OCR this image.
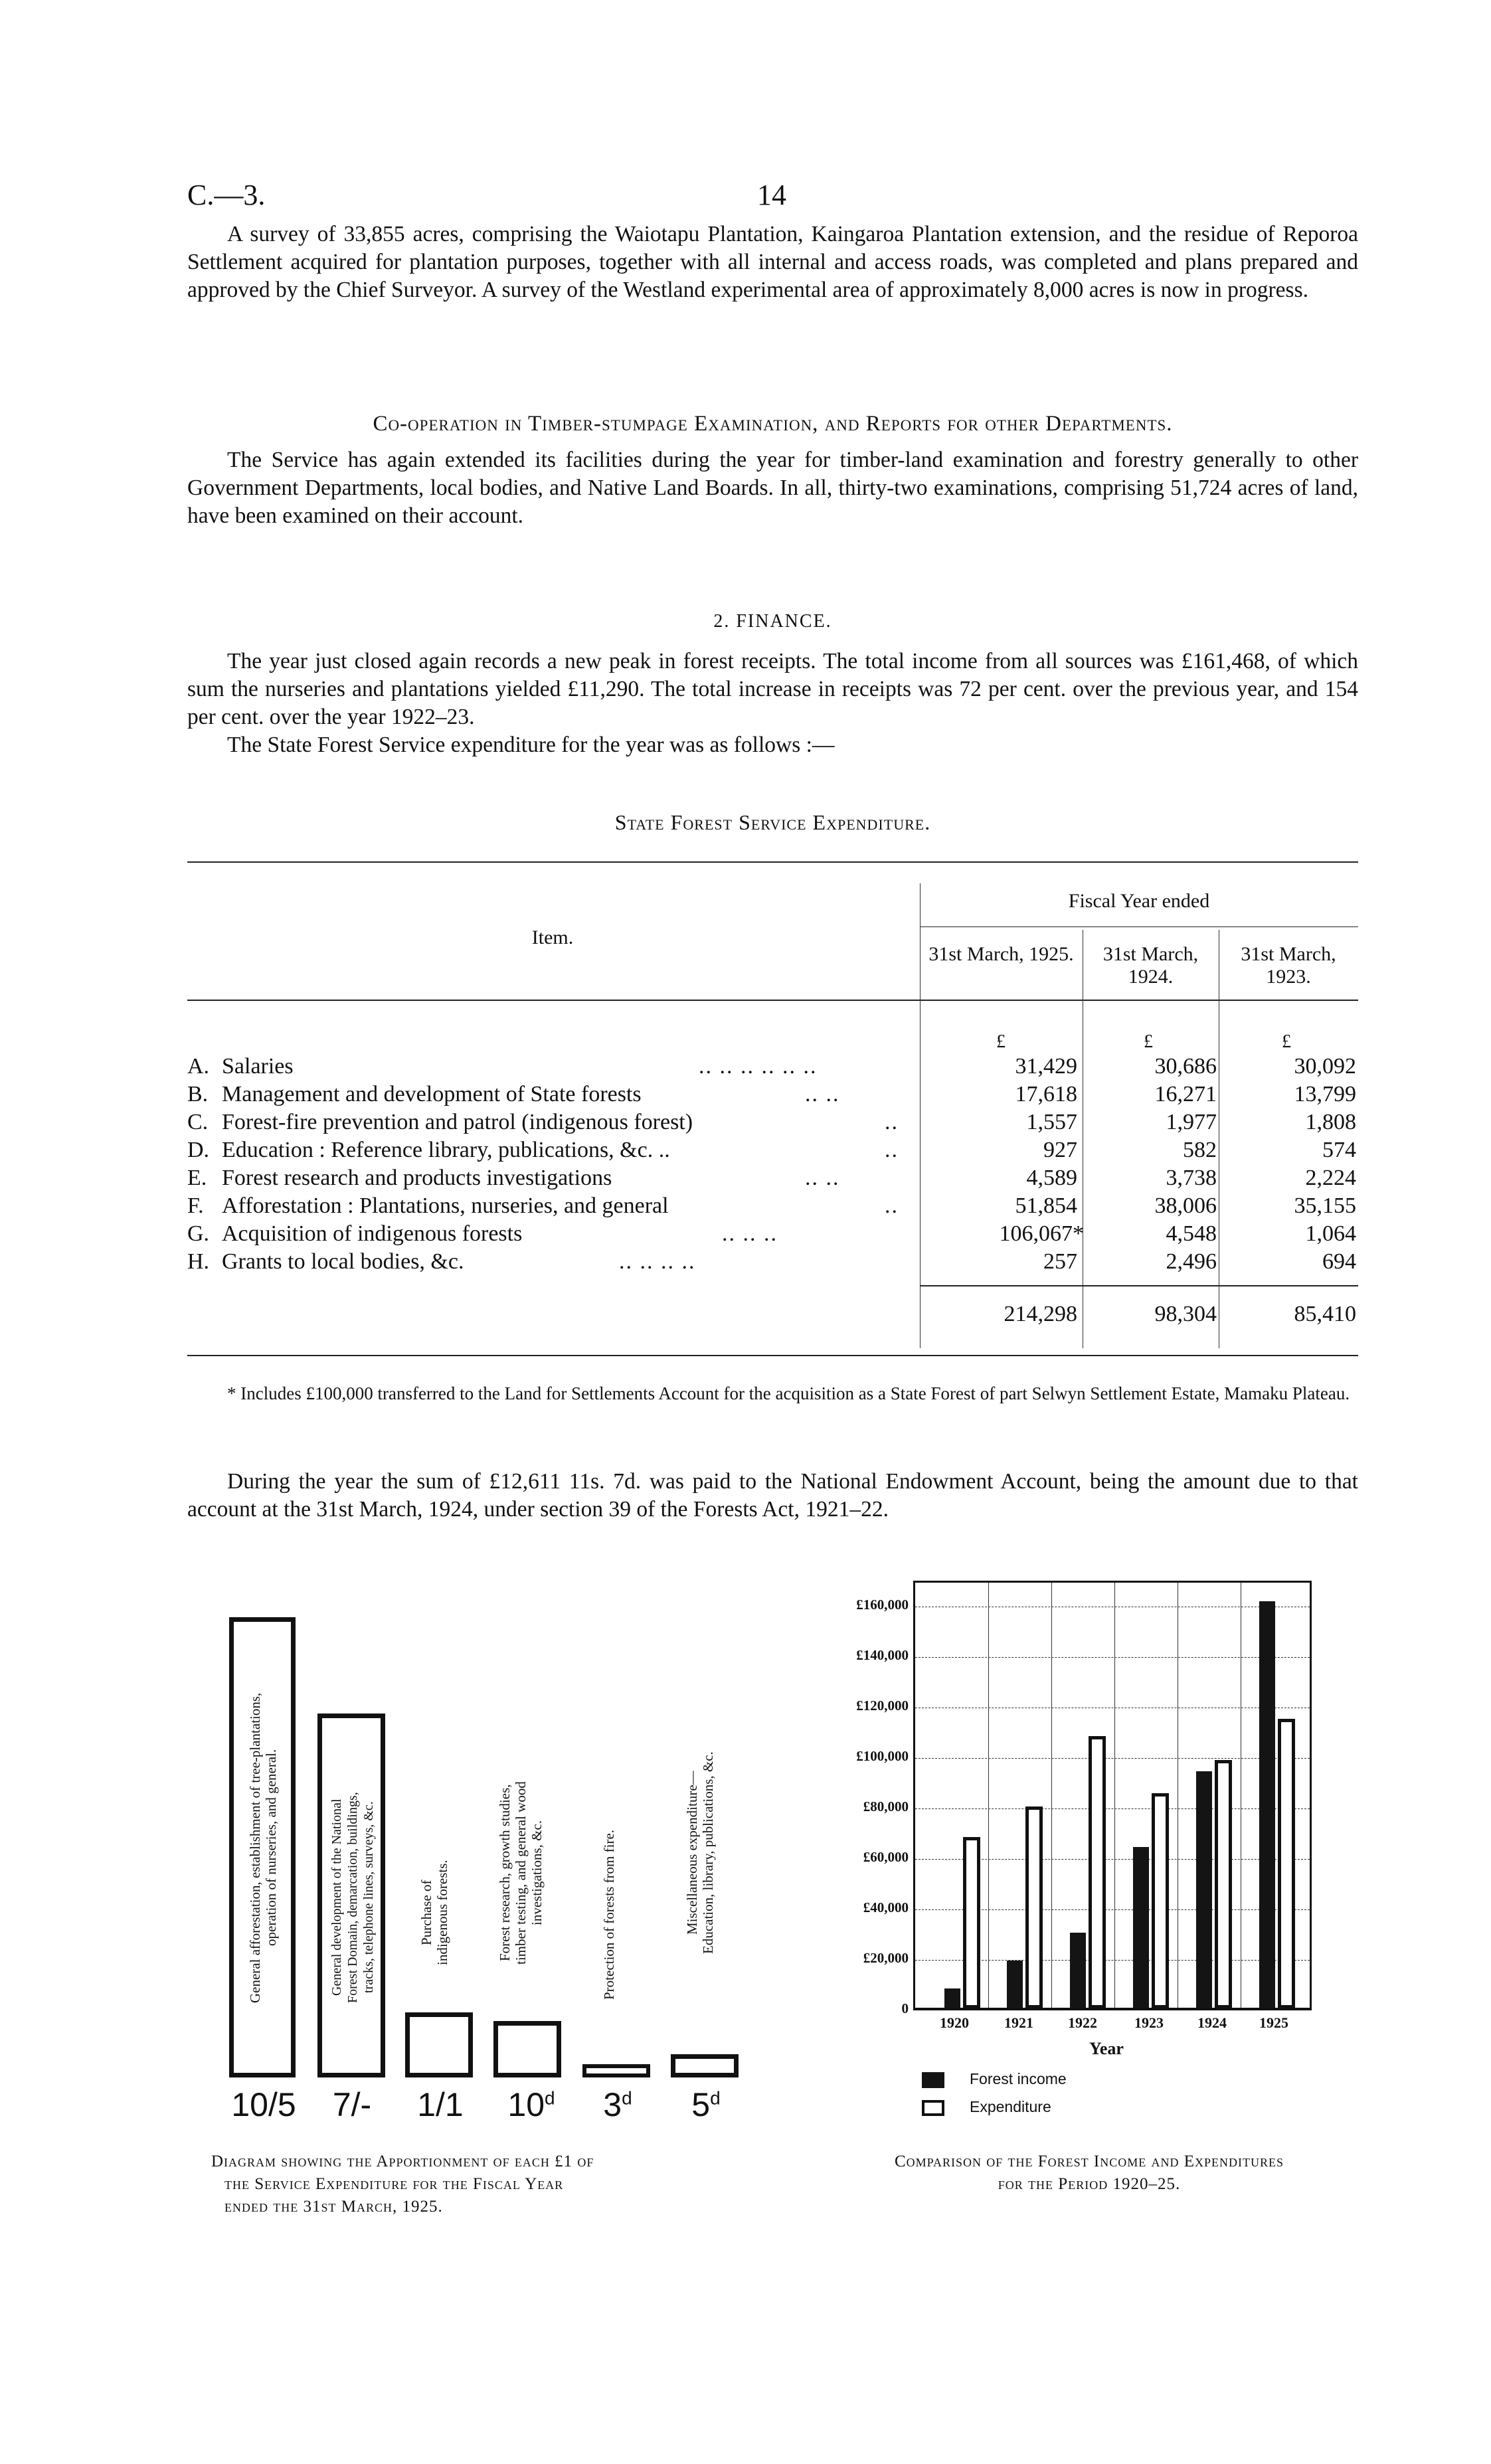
C.—3.	14

A survey of 33,855 acres, comprising the Waiotapu Plantation, Kaingaroa Plantation extension, and the residue of Reporoa Settlement acquired for plantation purposes, together with all internal and access roads, was completed and plans prepared and approved by the Chief Surveyor. A survey of the Westland experimental area of approximately 8,000 acres is now in progress.

Co-operation in Timber-stumpage Examination, and Reports for other Departments.

The Service has again extended its facilities during the year for timber-land examination and forestry generally to other Government Departments, local bodies, and Native Land Boards. In all, thirty-two examinations, comprising 51,724 acres of land, have been examined on their account.

2. FINANCE.

The year just closed again records a new peak in forest receipts. The total income from all sources was £161,468, of which sum the nurseries and plantations yielded £11,290. The total increase in receipts was 72 per cent. over the previous year, and 154 per cent. over the year 1922–23.

The State Forest Service expenditure for the year was as follows :—

State Forest Service Expenditure.
Item.
Fiscal Year ended
31st March, 1925.	31st March, 1924.
31st March, 1923.
£	£	£
A. Salaries	.. .. .. .. .. ..	31,429	30,686	30,092
B. Management and development of State forests	.. ..	17,618	16,271	13,799
C. Forest-fire prevention and patrol (indigenous forest)	..	1,557	1,977	1,808
D. Education : Reference library, publications, &c. ..	..	927	582	574
E. Forest research and products investigations	.. ..	4,589	3,738	2,224
F. Afforestation : Plantations, nurseries, and general	..	51,854	38,006	35,155
G. Acquisition of indigenous forests	.. .. ..	106,067*	4,548	1,064
H. Grants to local bodies, &c.	.. .. .. ..	257	2,496	694
214,298	98,304	85,410

* Includes £100,000 transferred to the Land for Settlements Account for the acquisition as a State Forest of part Selwyn Settlement Estate, Mamaku Plateau.

During the year the sum of £12,611 11s. 7d. was paid to the National Endowment Account, being the amount due to that account at the 31st March, 1924, under section 39 of the Forests Act, 1921–22.

General afforestation, establishment of tree-plantations,
operation of nurseries, and general.	General development of the National Forest Domain, demarcation, buildings, tracks, telephone lines, surveys, &c.	Purchase of
indigenous forests.	Forest research, growth studies,
timber testing, and general wood
investigations, &c.	Protection of forests from fire.	Miscellaneous expenditure—
Education, library, publications, &c.
10/5	7/-	1/1	10$^d$	3$^d$	5$^d$
Diagram showing the Apportionment of each £1 of
the Service Expenditure for the Fiscal Year
ended the 31st March, 1925.
£160,000
£140,000
£120,000
£100,000
£80,000
£60,000
£40,000
£20,000
0
1920	1921	1922	1923	1924	1925
Year
Forest income
Expenditure
Comparison of the Forest Income and Expenditures
for the Period 1920–25.
